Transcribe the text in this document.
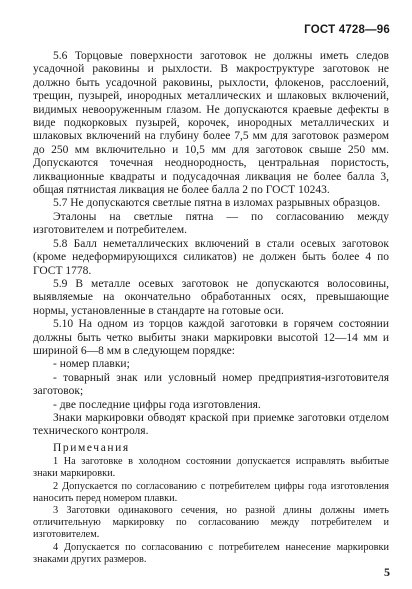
ГОСТ 4728—96

5.6 Торцовые поверхности заготовок не должны иметь следов усадочной раковины и рыхлости. В макроструктуре заготовок не должно быть усадочной раковины, рыхлости, флокенов, расслоений, трещин, пузырей, инородных металлических и шлаковых включений, видимых невооруженным глазом. Не допускаются краевые дефекты в виде подкорковых пузырей, корочек, инородных металлических и шлаковых включений на глубину более 7,5 мм для заготовок размером до 250 мм включительно и 10,5 мм для заготовок свыше 250 мм. Допускаются точечная неоднородность, центральная пористость, ликвационные квадраты и подусадочная ликвация не более балла 3, общая пятнистая ликвация не более балла 2 по ГОСТ 10243.

5.7 Не допускаются светлые пятна в изломах разрывных образцов.

Эталоны на светлые пятна — по согласованию между изготовителем и потребителем.

5.8 Балл неметаллических включений в стали осевых заготовок (кроме недеформирующихся силикатов) не должен быть более 4 по ГОСТ 1778.

5.9 В металле осевых заготовок не допускаются волосовины, выявляемые на окончательно обработанных осях, превышающие нормы, установленные в стандарте на готовые оси.

5.10 На одном из торцов каждой заготовки в горячем состоянии должны быть четко выбиты знаки маркировки высотой 12—14 мм и шириной 6—8 мм в следующем порядке:

- номер плавки;

- товарный знак или условный номер предприятия-изготовителя заготовок;

- две последние цифры года изготовления.

Знаки маркировки обводят краской при приемке заготовки отделом технического контроля.

Примечания

1 На заготовке в холодном состоянии допускается исправлять выбитые знаки маркировки.

2 Допускается по согласованию с потребителем цифры года изготовления наносить перед номером плавки.

3 Заготовки одинакового сечения, но разной длины должны иметь отличительную маркировку по согласованию между потребителем и изготовителем.

4 Допускается по согласованию с потребителем нанесение маркировки знаками других размеров.

5
